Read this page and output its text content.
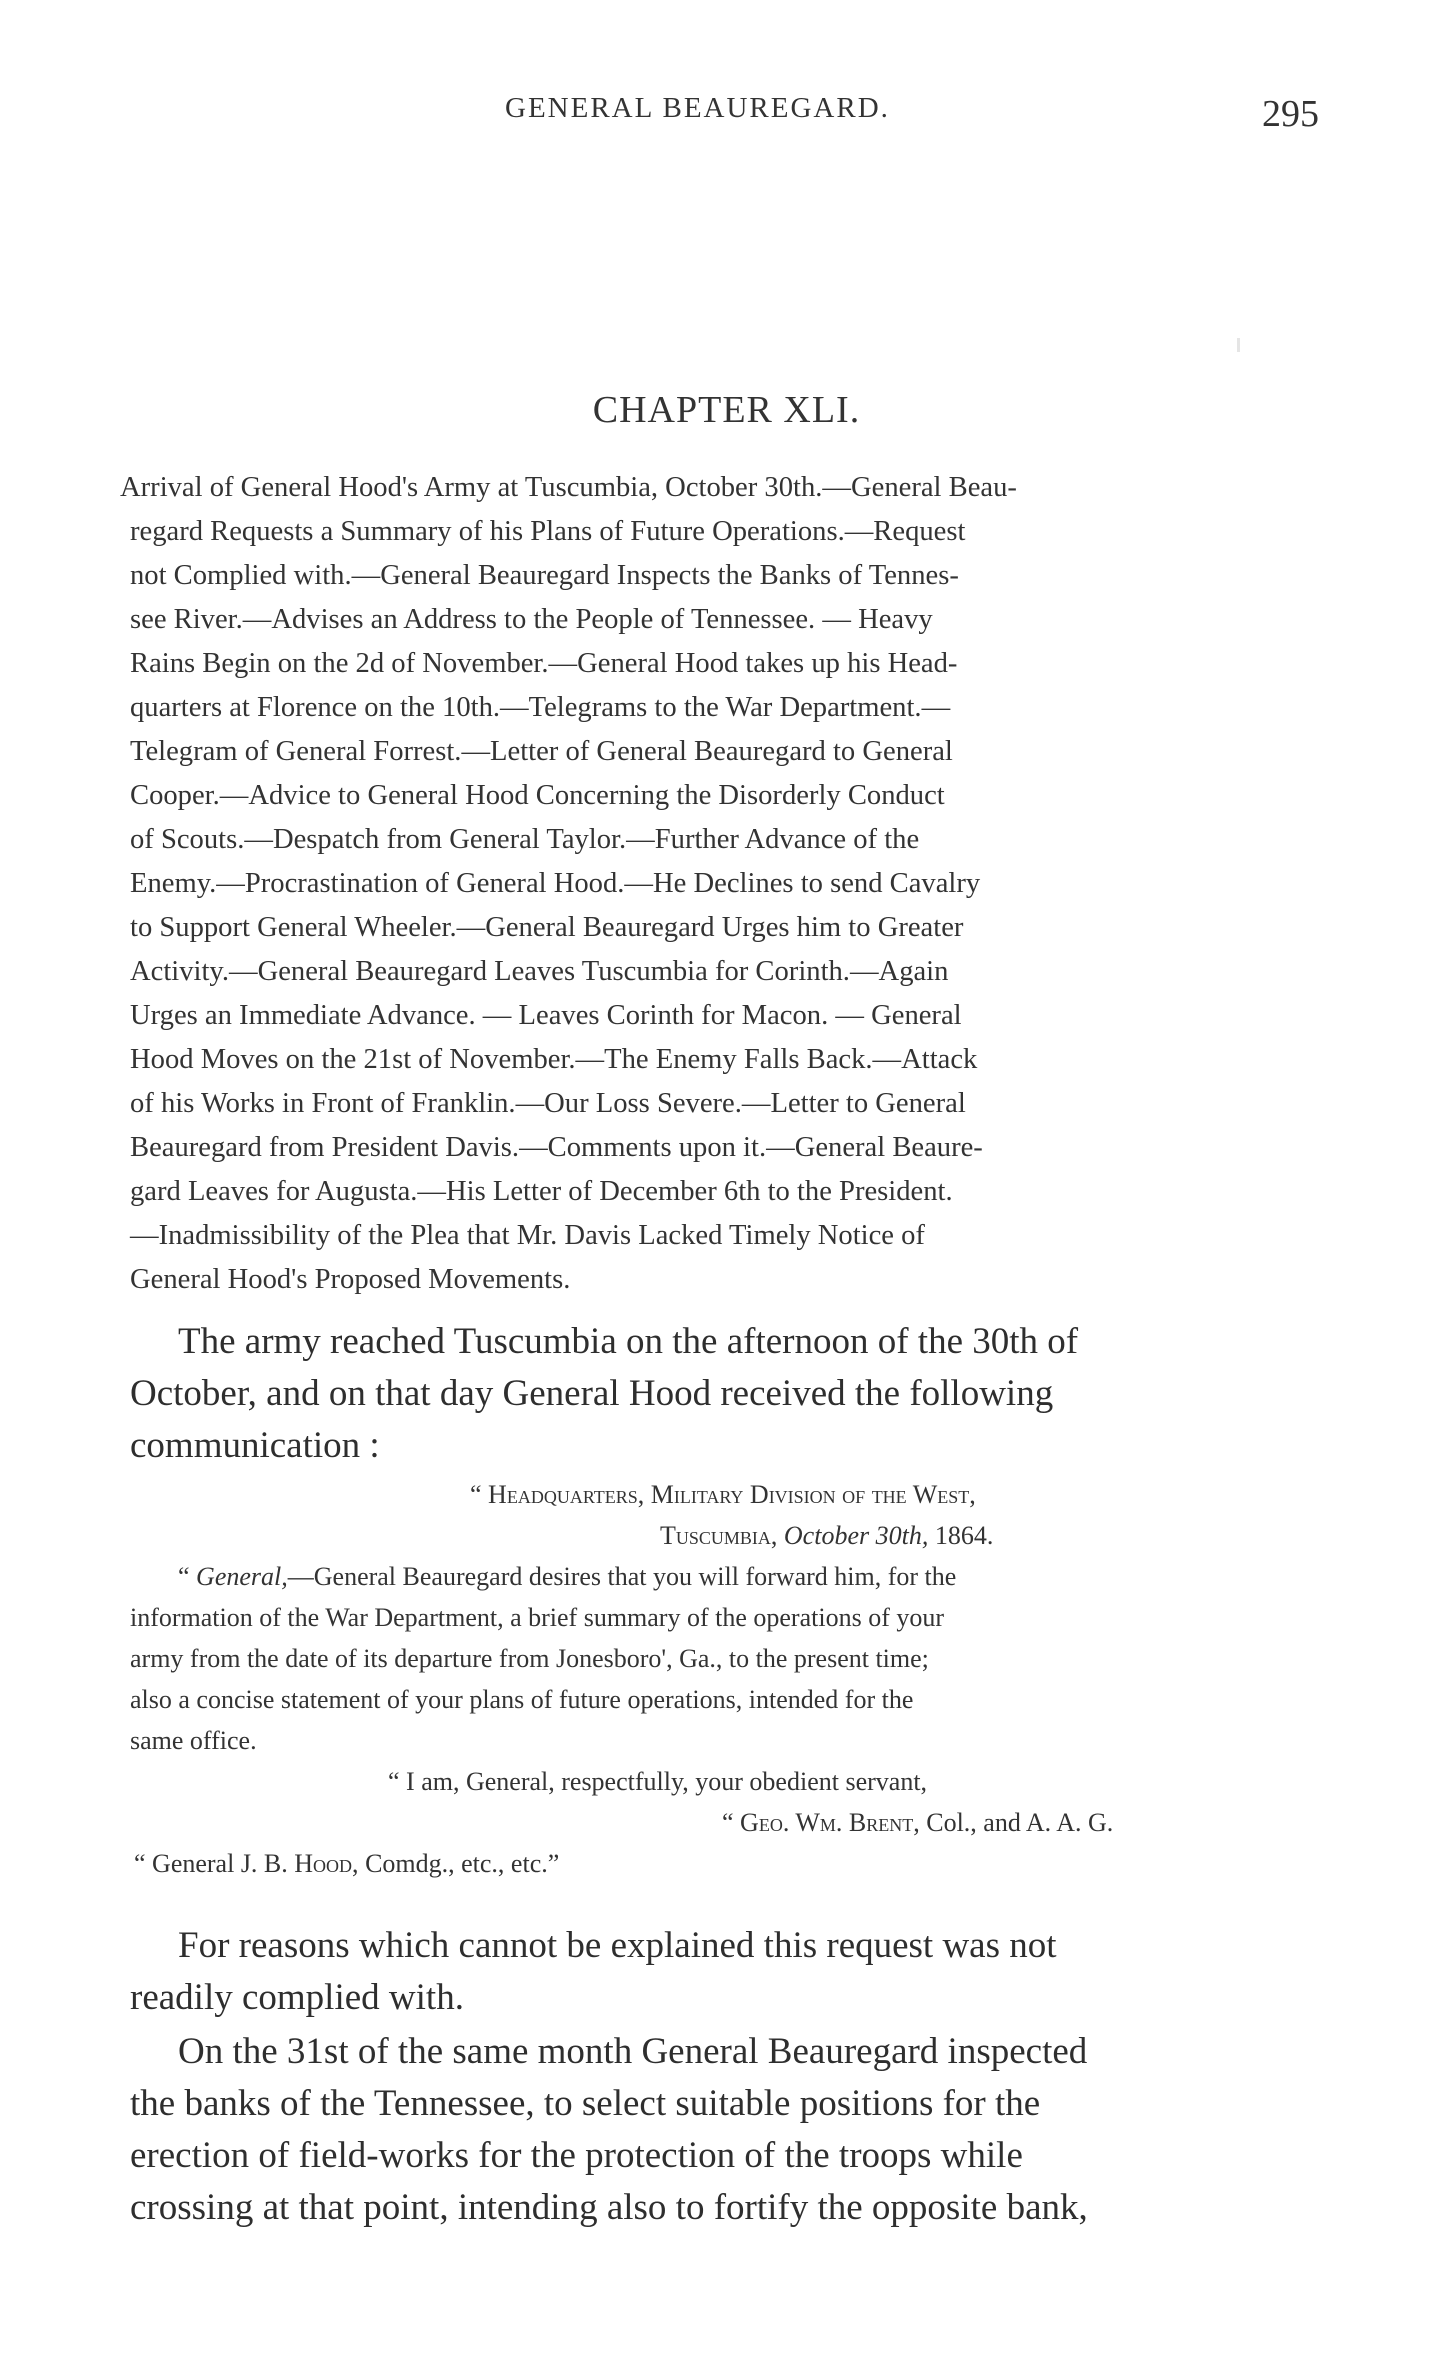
GENERAL BEAUREGARD.	295
CHAPTER XLI.
Arrival of General Hood's Army at Tuscumbia, October 30th.—General Beau-
regard Requests a Summary of his Plans of Future Operations.—Request
not Complied with.—General Beauregard Inspects the Banks of Tennes-
see River.—Advises an Address to the People of Tennessee. — Heavy
Rains Begin on the 2d of November.—General Hood takes up his Head-
quarters at Florence on the 10th.—Telegrams to the War Department.—
Telegram of General Forrest.—Letter of General Beauregard to General
Cooper.—Advice to General Hood Concerning the Disorderly Conduct
of Scouts.—Despatch from General Taylor.—Further Advance of the
Enemy.—Procrastination of General Hood.—He Declines to send Cavalry
to Support General Wheeler.—General Beauregard Urges him to Greater
Activity.—General Beauregard Leaves Tuscumbia for Corinth.—Again
Urges an Immediate Advance. — Leaves Corinth for Macon. — General
Hood Moves on the 21st of November.—The Enemy Falls Back.—Attack
of his Works in Front of Franklin.—Our Loss Severe.—Letter to General
Beauregard from President Davis.—Comments upon it.—General Beaure-
gard Leaves for Augusta.—His Letter of December 6th to the President.
—Inadmissibility of the Plea that Mr. Davis Lacked Timely Notice of
General Hood's Proposed Movements.
The army reached Tuscumbia on the afternoon of the 30th of
October, and on that day General Hood received the following
communication :
“ Headquarters, Military Division of the West,
Tuscumbia, October 30th, 1864.
“ General,—General Beauregard desires that you will forward him, for the
information of the War Department, a brief summary of the operations of your
army from the date of its departure from Jonesboro', Ga., to the present time;
also a concise statement of your plans of future operations, intended for the
same office.
“ I am, General, respectfully, your obedient servant,
“ Geo. Wm. Brent, Col., and A. A. G.
“ General J. B. Hood, Comdg., etc., etc.”
For reasons which cannot be explained this request was not
readily complied with.
On the 31st of the same month General Beauregard inspected
the banks of the Tennessee, to select suitable positions for the
erection of field-works for the protection of the troops while
crossing at that point, intending also to fortify the opposite bank,
